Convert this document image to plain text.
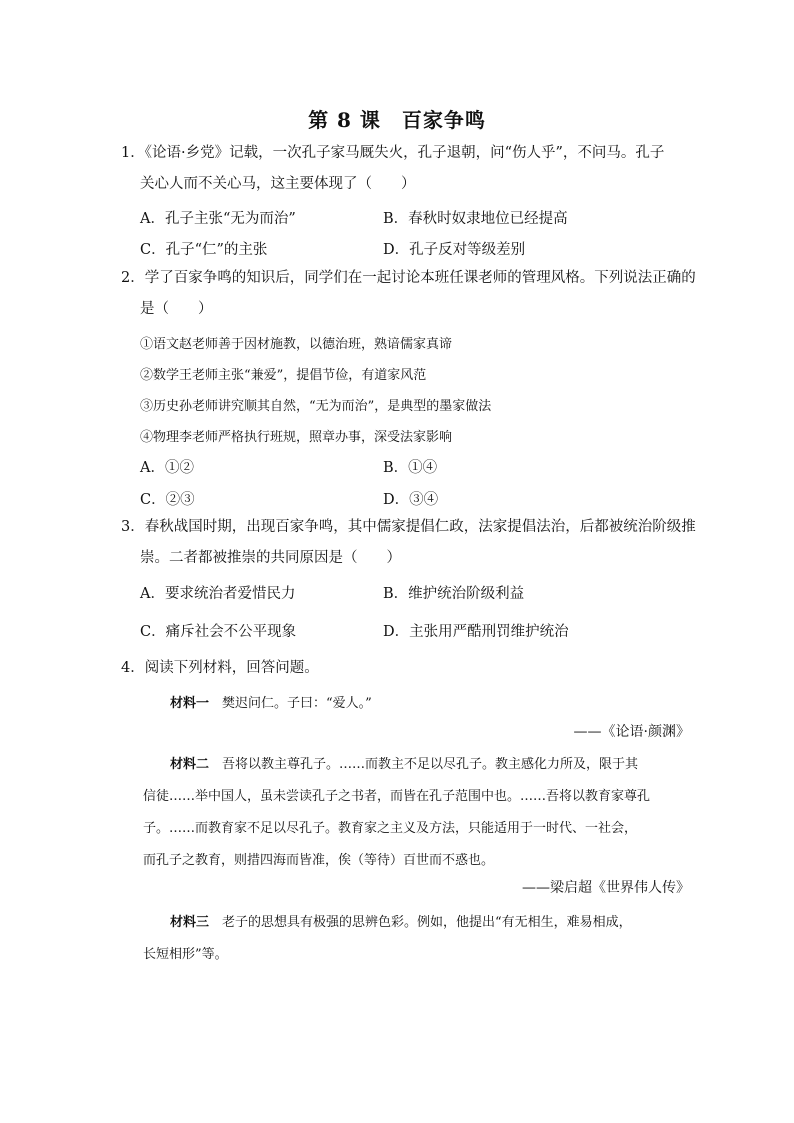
第 8 课　百家争鸣
1．《论语·乡党》记载，一次孔子家马厩失火，孔子退朝，问“伤人乎”，不问马。孔子
关心人而不关心马，这主要体现了（　　）
A．孔子主张“无为而治”	B．春秋时奴隶地位已经提高
C．孔子“仁”的主张	D．孔子反对等级差别
2．学了百家争鸣的知识后，同学们在一起讨论本班任课老师的管理风格。下列说法正确的
是（　　）
①语文赵老师善于因材施教，以德治班，熟谙儒家真谛
②数学王老师主张“兼爱”，提倡节俭，有道家风范
③历史孙老师讲究顺其自然，“无为而治”，是典型的墨家做法
④物理李老师严格执行班规，照章办事，深受法家影响
A．①②	B．①④
C．②③	D．③④
3．春秋战国时期，出现百家争鸣，其中儒家提倡仁政，法家提倡法治，后都被统治阶级推
崇。二者都被推崇的共同原因是（　　）
A．要求统治者爱惜民力	B．维护统治阶级利益
C．痛斥社会不公平现象	D．主张用严酷刑罚维护统治
4．阅读下列材料，回答问题。
材料一　樊迟问仁。子曰：“爱人。”
——《论语·颜渊》
材料二　吾将以教主尊孔子。……而教主不足以尽孔子。教主感化力所及，限于其
信徒……举中国人，虽未尝读孔子之书者，而皆在孔子范围中也。……吾将以教育家尊孔
子。……而教育家不足以尽孔子。教育家之主义及方法，只能适用于一时代、一社会，
而孔子之教育，则措四海而皆准，俟（等待）百世而不惑也。
——梁启超《世界伟人传》
材料三　老子的思想具有极强的思辨色彩。例如，他提出“有无相生，难易相成，
长短相形”等。
